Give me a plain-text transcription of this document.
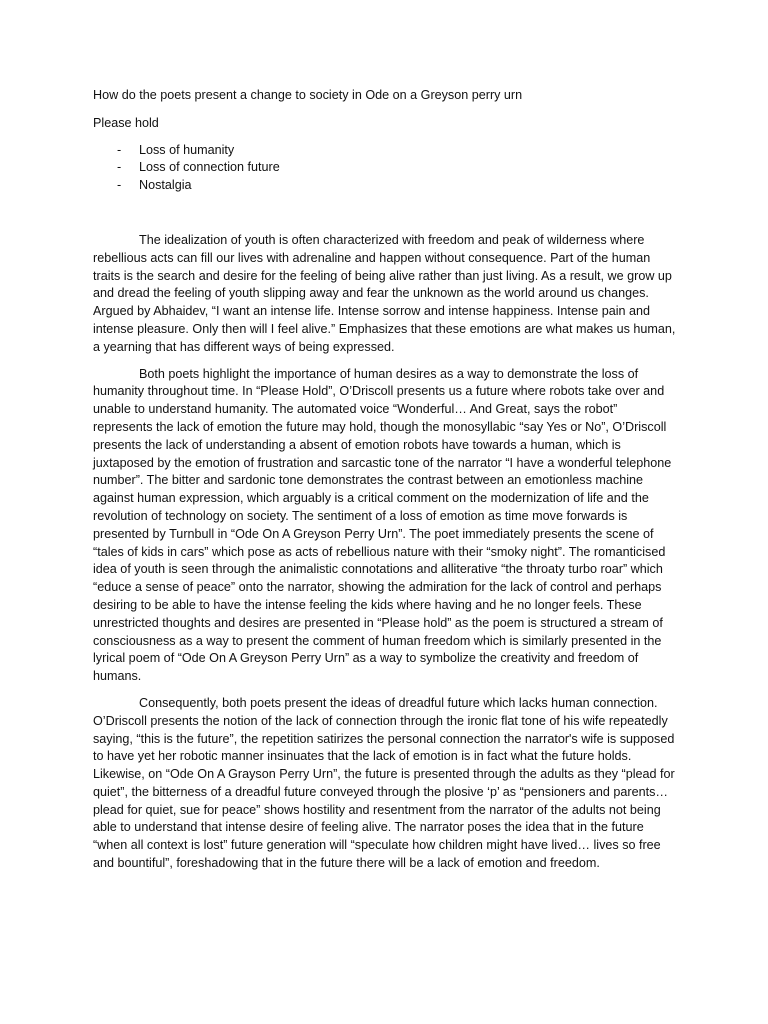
How do the poets present a change to society in Ode on a Greyson perry urn

Please hold

- Loss of humanity
- Loss of connection future
- Nostalgia

The idealization of youth is often characterized with freedom and peak of wilderness where rebellious acts can fill our lives with adrenaline and happen without consequence. Part of the human traits is the search and desire for the feeling of being alive rather than just living. As a result, we grow up and dread the feeling of youth slipping away and fear the unknown as the world around us changes. Argued by Abhaidev, “I want an intense life. Intense sorrow and intense happiness. Intense pain and intense pleasure. Only then will I feel alive.” Emphasizes that these emotions are what makes us human, a yearning that has different ways of being expressed.

Both poets highlight the importance of human desires as a way to demonstrate the loss of humanity throughout time. In “Please Hold”, O’Driscoll presents us a future where robots take over and unable to understand humanity. The automated voice “Wonderful… And Great, says the robot” represents the lack of emotion the future may hold, though the monosyllabic “say Yes or No”, O’Driscoll presents the lack of understanding a absent of emotion robots have towards a human, which is juxtaposed by the emotion of frustration and sarcastic tone of the narrator “I have a wonderful telephone number”. The bitter and sardonic tone demonstrates the contrast between an emotionless machine against human expression, which arguably is a critical comment on the modernization of life and the revolution of technology on society. The sentiment of a loss of emotion as time move forwards is presented by Turnbull in “Ode On A Greyson Perry Urn”. The poet immediately presents the scene of “tales of kids in cars” which pose as acts of rebellious nature with their “smoky night”. The romanticised idea of youth is seen through the animalistic connotations and alliterative “the throaty turbo roar” which “educe a sense of peace” onto the narrator, showing the admiration for the lack of control and perhaps desiring to be able to have the intense feeling the kids where having and he no longer feels. These unrestricted thoughts and desires are presented in “Please hold” as the poem is structured a stream of consciousness as a way to present the comment of human freedom which is similarly presented in the lyrical poem of “Ode On A Greyson Perry Urn” as a way to symbolize the creativity and freedom of humans.

Consequently, both poets present the ideas of dreadful future which lacks human connection. O’Driscoll presents the notion of the lack of connection through the ironic flat tone of his wife repeatedly saying, “this is the future”, the repetition satirizes the personal connection the narrator's wife is supposed to have yet her robotic manner insinuates that the lack of emotion is in fact what the future holds. Likewise, on “Ode On A Grayson Perry Urn”, the future is presented through the adults as they “plead for quiet”, the bitterness of a dreadful future conveyed through the plosive ‘p’ as “pensioners and parents… plead for quiet, sue for peace” shows hostility and resentment from the narrator of the adults not being able to understand that intense desire of feeling alive. The narrator poses the idea that in the future “when all context is lost” future generation will “speculate how children might have lived… lives so free and bountiful”, foreshadowing that in the future there will be a lack of emotion and freedom.
